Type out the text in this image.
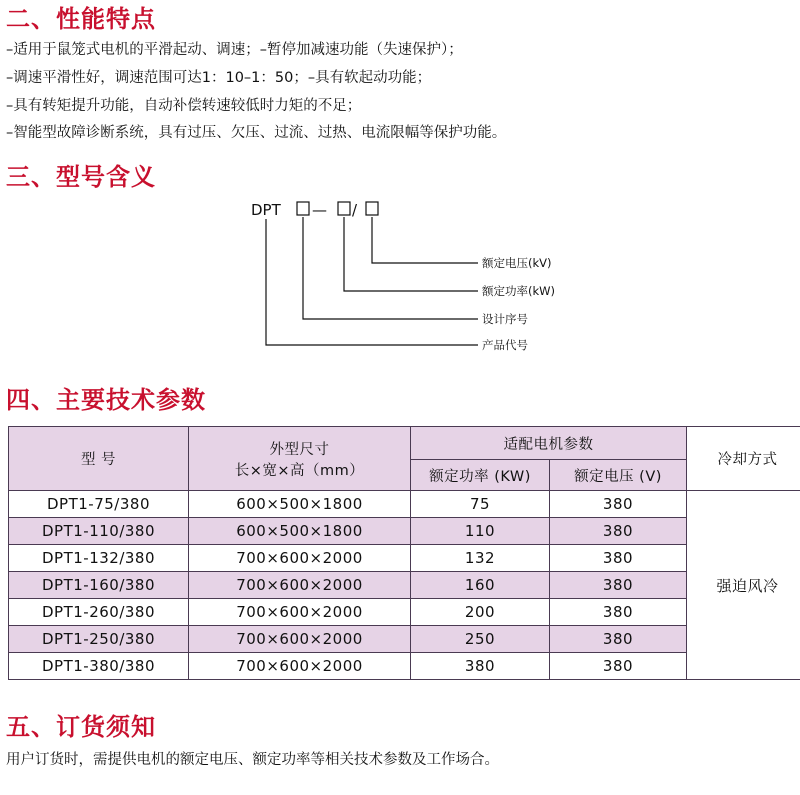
二、性能特点
–适用于鼠笼式电机的平滑起动、调速；–暂停加减速功能（失速保护）；
–调速平滑性好，调速范围可达1：10–1：50；–具有软起动功能；
–具有转矩提升功能，自动补偿转速较低时力矩的不足；
–智能型故障诊断系统，具有过压、欠压、过流、过热、电流限幅等保护功能。
三、型号含义
DPT — /
额定电压(kV)
额定功率(kW)
设计序号
产品代号
四、主要技术参数
型 号	外型尺寸
长×宽×高（mm）	适配电机参数		冷却方式
		额定功率 (KW)	额定电压 (V)	
DPT1-75/380	600×500×1800	75	380	强迫风冷
DPT1-110/380	600×500×1800	110	380	
DPT1-132/380	700×600×2000	132	380	
DPT1-160/380	700×600×2000	160	380	
DPT1-260/380	700×600×2000	200	380	
DPT1-250/380	700×600×2000	250	380	
DPT1-380/380	700×600×2000	380	380	
五、订货须知
用户订货时，需提供电机的额定电压、额定功率等相关技术参数及工作场合。
